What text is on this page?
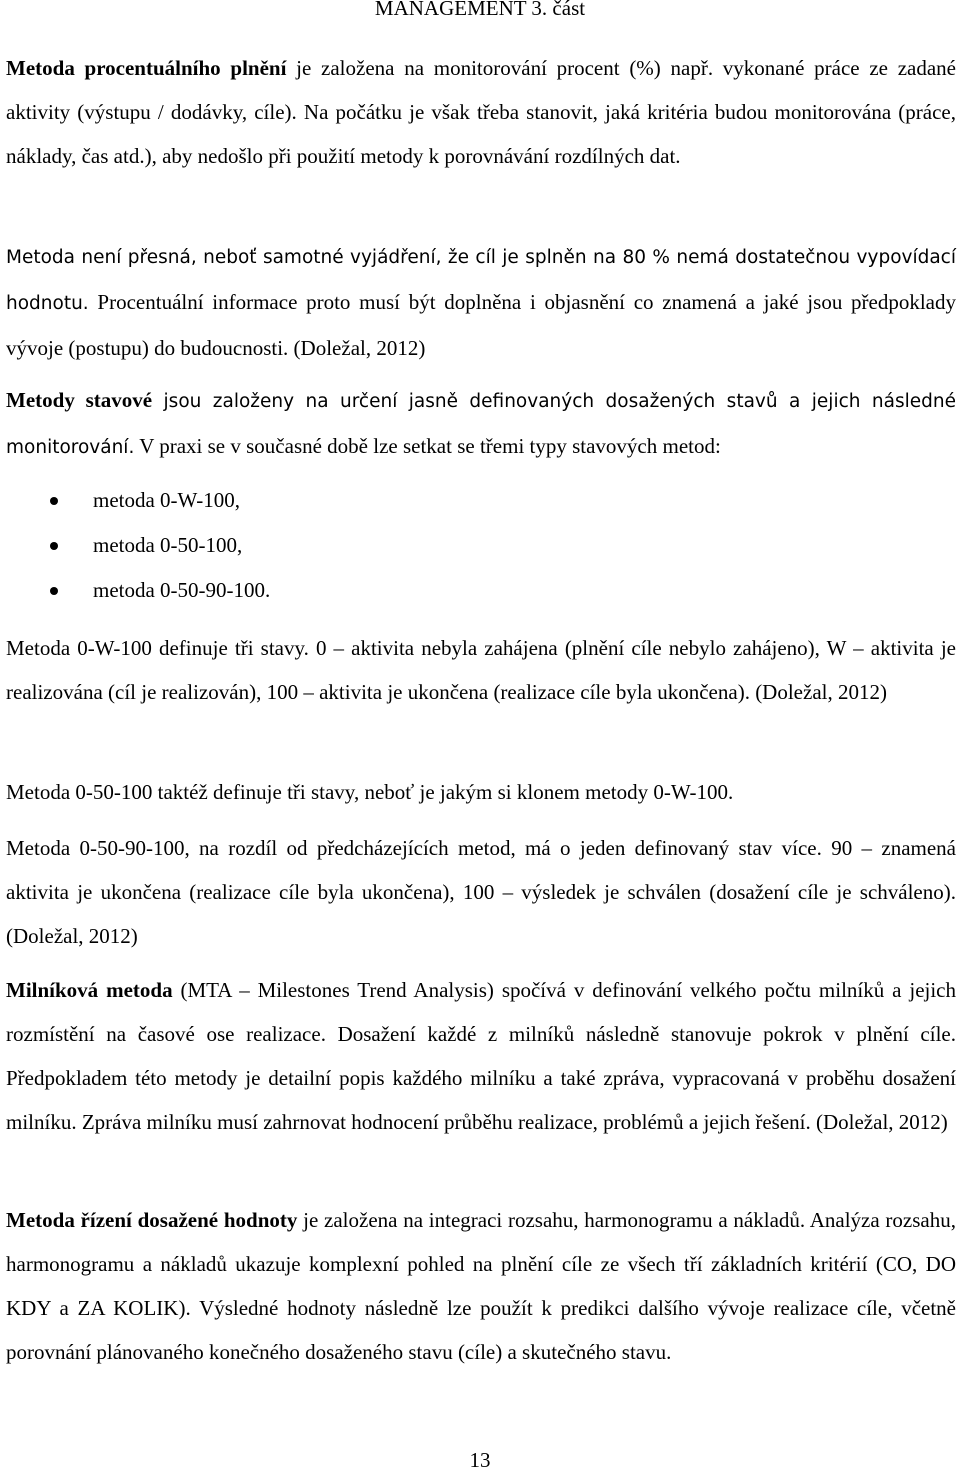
MANAGEMENT 3. část

Metoda procentuálního plnění je založena na monitorování procent (%) např. vykonané práce ze zadané aktivity (výstupu / dodávky, cíle). Na počátku je však třeba stanovit, jaká kritéria budou monitorována (práce, náklady, čas atd.), aby nedošlo při použití metody k porovnávání rozdílných dat.

Metoda není přesná, neboť samotné vyjádření, že cíl je splněn na 80 % nemá dostatečnou vypovídací hodnotu. Procentuální informace proto musí být doplněna i objasnění co znamená a jaké jsou předpoklady vývoje (postupu) do budoucnosti. (Doležal, 2012)

Metody stavové jsou založeny na určení jasně definovaných dosažených stavů a jejich následné monitorování. V praxi se v současné době lze setkat se třemi typy stavových metod:

metoda 0-W-100,
metoda 0-50-100,
metoda 0-50-90-100.

Metoda 0-W-100 definuje tři stavy. 0 – aktivita nebyla zahájena (plnění cíle nebylo zahájeno), W – aktivita je realizována (cíl je realizován), 100 – aktivita je ukončena (realizace cíle byla ukončena). (Doležal, 2012)

Metoda 0-50-100 taktéž definuje tři stavy, neboť je jakým si klonem metody 0-W-100.

Metoda 0-50-90-100, na rozdíl od předcházejících metod, má o jeden definovaný stav více. 90 – znamená aktivita je ukončena (realizace cíle byla ukončena), 100 – výsledek je schválen (dosažení cíle je schváleno). (Doležal, 2012)

Milníková metoda (MTA – Milestones Trend Analysis) spočívá v definování velkého počtu milníků a jejich rozmístění na časové ose realizace. Dosažení každé z milníků následně stanovuje pokrok v plnění cíle. Předpokladem této metody je detailní popis každého milníku a také zpráva, vypracovaná v proběhu dosažení milníku. Zpráva milníku musí zahrnovat hodnocení průběhu realizace, problémů a jejich řešení. (Doležal, 2012)

Metoda řízení dosažené hodnoty je založena na integraci rozsahu, harmonogramu a nákladů. Analýza rozsahu, harmonogramu a nákladů ukazuje komplexní pohled na plnění cíle ze všech tří základních kritérií (CO, DO KDY a ZA KOLIK). Výsledné hodnoty následně lze použít k predikci dalšího vývoje realizace cíle, včetně porovnání plánovaného konečného dosaženého stavu (cíle) a skutečného stavu.

13
